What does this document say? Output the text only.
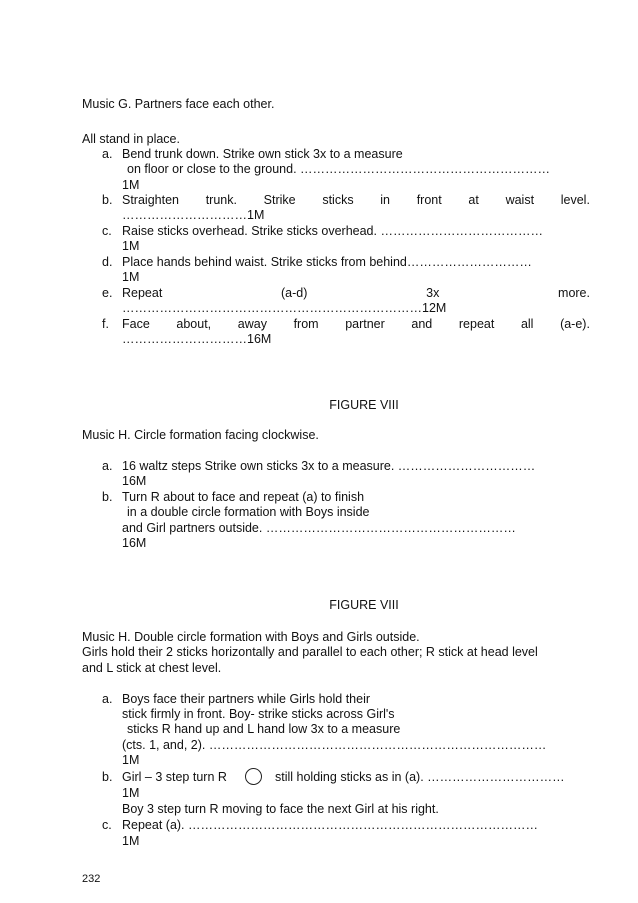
Music G. Partners face each other.
All stand in place.
a. Bend trunk down. Strike own stick 3x to a measure
on floor or close to the ground. ……………………………………………………
1M
b. Straighten trunk. Strike sticks in front at waist level.
…………………………1M
c. Raise sticks overhead. Strike sticks overhead. …………………………………
1M
d. Place hands behind waist. Strike sticks from behind…………………………
1M
e. Repeat	(a-d)	3x	more.
………………………………………………………………12M
f. Face about, away from partner and repeat all (a-e).
…………………………16M
FIGURE VIII
Music H. Circle formation facing clockwise.
a. 16 waltz steps Strike own sticks 3x to a measure. ……………………………
16M
b. Turn R about to face and repeat (a) to finish
in a double circle formation with Boys inside
and Girl partners outside. ……………………………………………………
16M
FIGURE VIII
Music H. Double circle formation with Boys and Girls outside.
Girls hold their 2 sticks horizontally and parallel to each other; R stick at head level
and L stick at chest level.
a. Boys face their partners while Girls hold their
stick firmly in front. Boy- strike sticks across Girl's
sticks R hand up and L hand low 3x to a measure
(cts. 1, and, 2). ………………………………………………………………………
1M
b. Girl – 3 step turn R	still holding sticks as in (a). ……………………………
1M
Boy 3 step turn R moving to face the next Girl at his right.
c. Repeat (a). …………………………………………………………………………
1M
232
